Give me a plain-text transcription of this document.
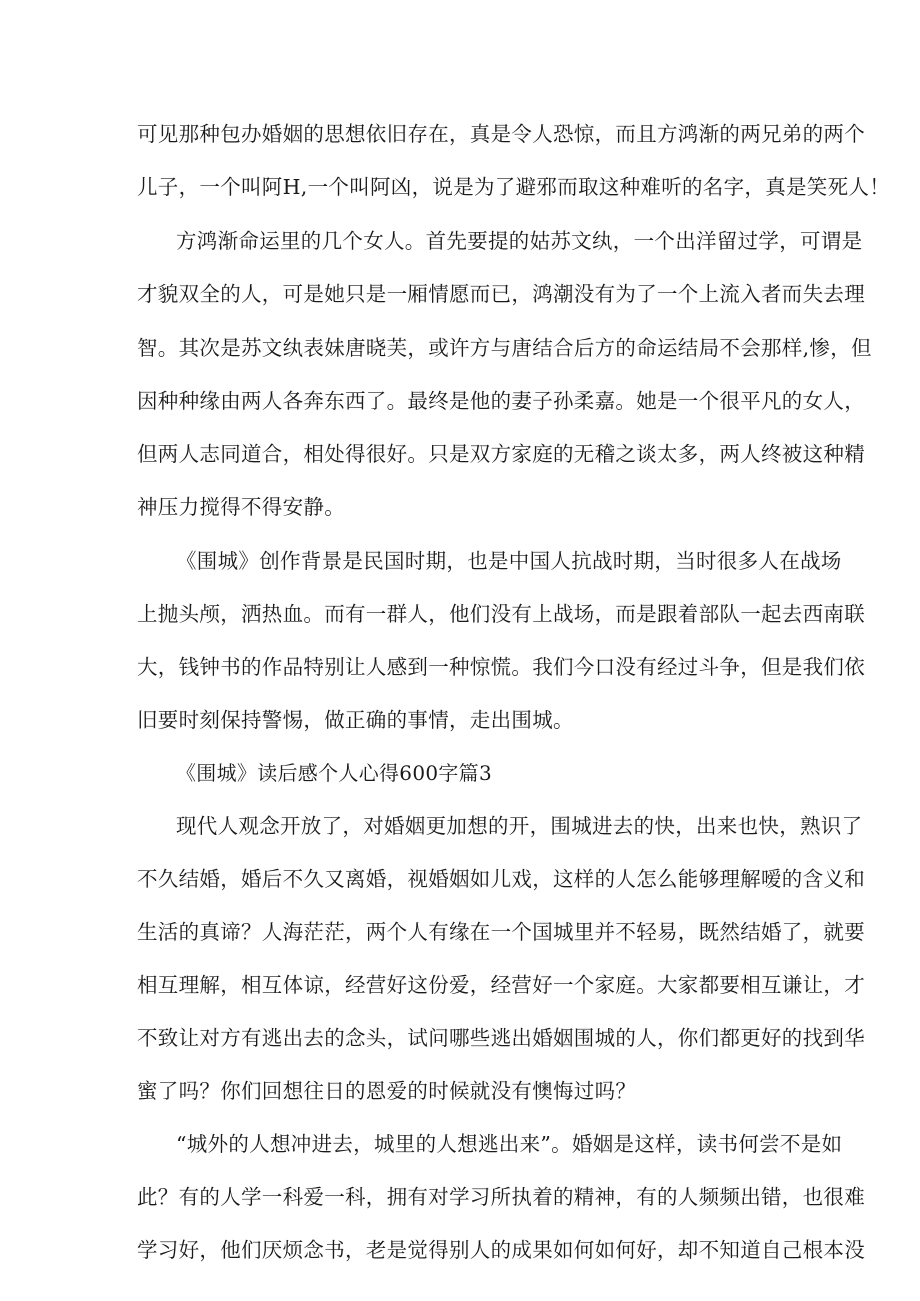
可见那种包办婚姻的思想依旧存在，真是令人恐惊，而且方鸿渐的两兄弟的两个
儿子，一个叫阿H,一个叫阿凶，说是为了避邪而取这种难听的名字，真是笑死人！
方鸿渐命运里的几个女人。首先要提的姑苏文纨，一个出洋留过学，可谓是
才貌双全的人，可是她只是一厢情愿而已，鸿潮没有为了一个上流入者而失去理
智。其次是苏文纨表妹唐晓芙，或许方与唐结合后方的命运结局不会那样,惨，但
因种种缘由两人各奔东西了。最终是他的妻子孙柔嘉。她是一个很平凡的女人，
但两人志同道合，相处得很好。只是双方家庭的无稽之谈太多，两人终被这种精
神压力搅得不得安静。
《围城》创作背景是民国时期，也是中国人抗战时期，当时很多人在战场
上抛头颅，洒热血。而有一群人，他们没有上战场，而是跟着部队一起去西南联
大，钱钟书的作品特别让人感到一种惊慌。我们今口没有经过斗争，但是我们依
旧要时刻保持警惕，做正确的事情，走出围城。
《围城》读后感个人心得600字篇3
现代人观念开放了，对婚姻更加想的开，围城进去的快，出来也快，熟识了
不久结婚，婚后不久又离婚，视婚姻如儿戏，这样的人怎么能够理解嗳的含义和
生活的真谛？人海茫茫，两个人有缘在一个国城里并不轻易，既然结婚了，就要
相互理解，相互体谅，经营好这份爱，经营好一个家庭。大家都要相互谦让，才
不致让对方有逃出去的念头，试问哪些逃出婚姻围城的人，你们都更好的找到华
蜜了吗？你们回想往日的恩爱的时候就没有懊悔过吗？
“城外的人想冲进去，城里的人想逃出来”。婚姻是这样，读书何尝不是如
此？有的人学一科爱一科，拥有对学习所执着的精神，有的人频频出错，也很难
学习好，他们厌烦念书，老是觉得别人的成果如何如何好，却不知道自己根本没
